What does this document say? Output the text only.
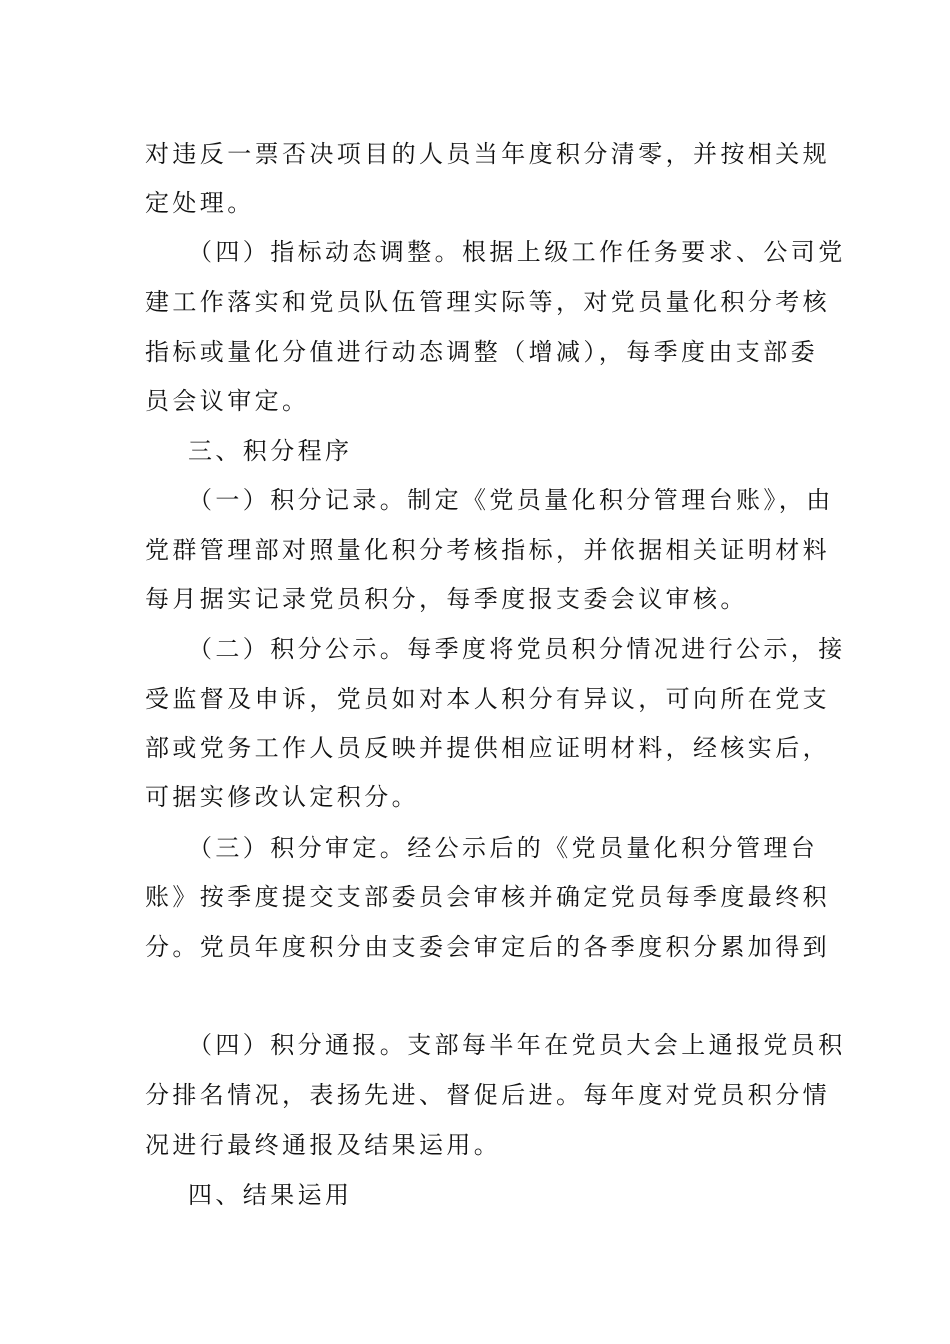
对违反一票否决项目的人员当年度积分清零，并按相关规
定处理。
（四）指标动态调整。根据上级工作任务要求、公司党
建工作落实和党员队伍管理实际等，对党员量化积分考核
指标或量化分值进行动态调整（增减），每季度由支部委
员会议审定。
三、积分程序
（一）积分记录。制定《党员量化积分管理台账》，由
党群管理部对照量化积分考核指标，并依据相关证明材料
每月据实记录党员积分，每季度报支委会议审核。
（二）积分公示。每季度将党员积分情况进行公示，接
受监督及申诉，党员如对本人积分有异议，可向所在党支
部或党务工作人员反映并提供相应证明材料，经核实后，
可据实修改认定积分。
（三）积分审定。经公示后的《党员量化积分管理台
账》按季度提交支部委员会审核并确定党员每季度最终积
分。党员年度积分由支委会审定后的各季度积分累加得到
（四）积分通报。支部每半年在党员大会上通报党员积
分排名情况，表扬先进、督促后进。每年度对党员积分情
况进行最终通报及结果运用。
四、结果运用
